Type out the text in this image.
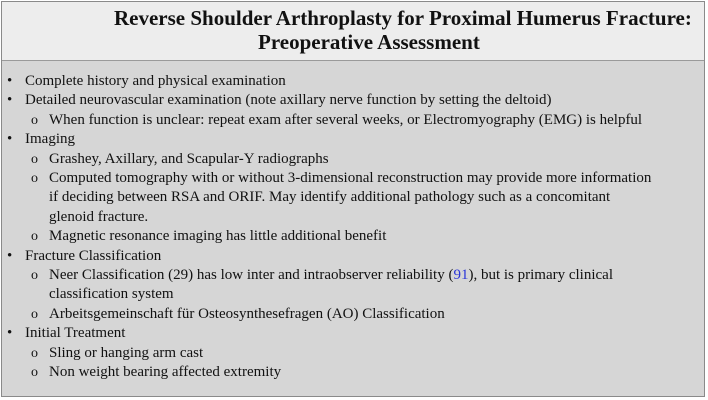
Reverse Shoulder Arthroplasty for Proximal Humerus Fracture:
Preoperative Assessment
• Complete history and physical examination
• Detailed neurovascular examination (note axillary nerve function by setting the deltoid)
o When function is unclear: repeat exam after several weeks, or Electromyography (EMG) is helpful
• Imaging
o Grashey, Axillary, and Scapular-Y radiographs
o Computed tomography with or without 3-dimensional reconstruction may provide more information
if deciding between RSA and ORIF. May identify additional pathology such as a concomitant
glenoid fracture.
o Magnetic resonance imaging has little additional benefit
• Fracture Classification
o Neer Classification (29) has low inter and intraobserver reliability (91), but is primary clinical
classification system
o Arbeitsgemeinschaft für Osteosynthesefragen (AO) Classification
• Initial Treatment
o Sling or hanging arm cast
o Non weight bearing affected extremity
